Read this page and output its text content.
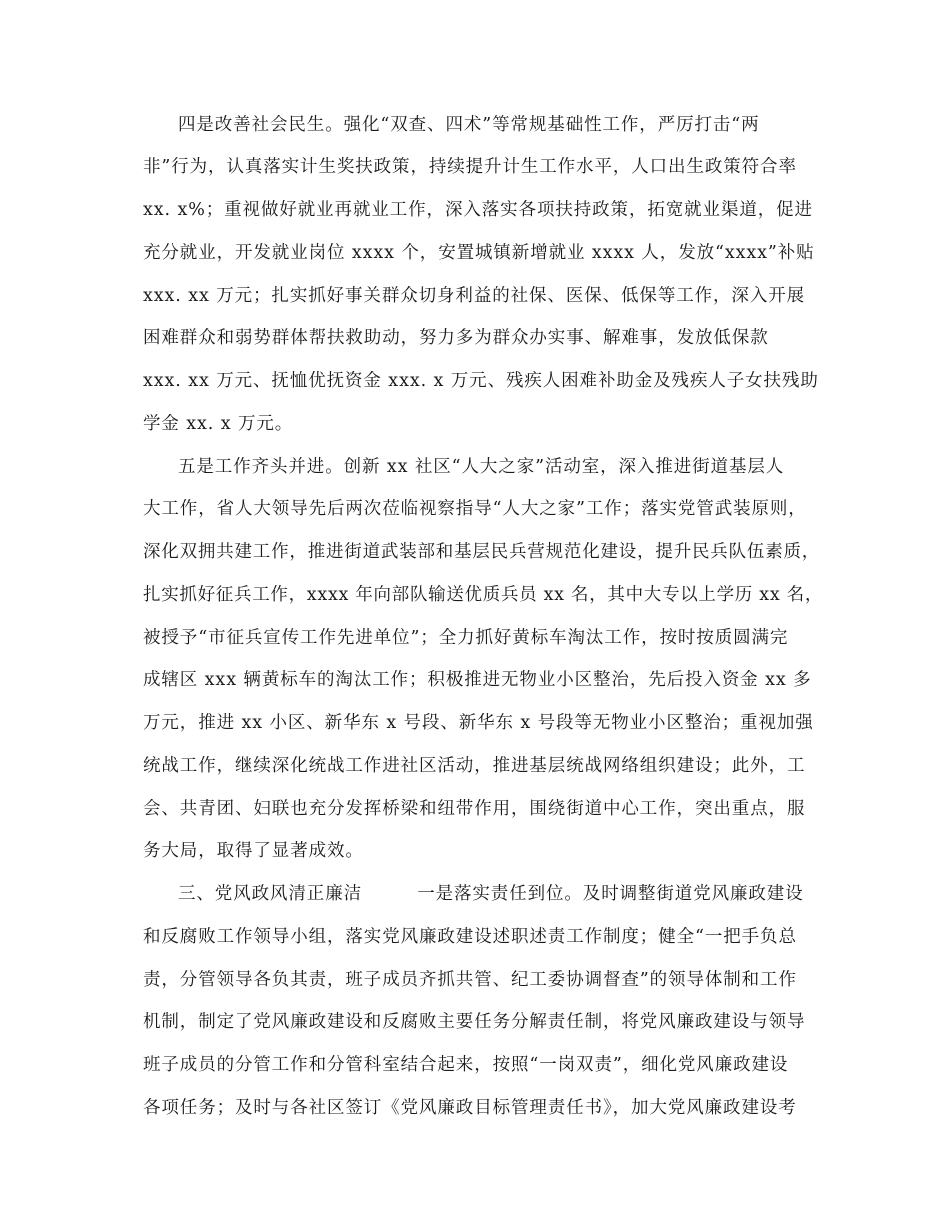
四是改善社会民生。强化“双查、四术”等常规基础性工作，严厉打击“两
非”行为，认真落实计生奖扶政策，持续提升计生工作水平，人口出生政策符合率
xx. x%；重视做好就业再就业工作，深入落实各项扶持政策，拓宽就业渠道，促进
充分就业，开发就业岗位 xxxx 个，安置城镇新增就业 xxxx 人，发放“xxxx”补贴
xxx. xx 万元；扎实抓好事关群众切身利益的社保、医保、低保等工作，深入开展
困难群众和弱势群体帮扶救助动，努力多为群众办实事、解难事，发放低保款
xxx. xx 万元、抚恤优抚资金 xxx. x 万元、残疾人困难补助金及残疾人子女扶残助
学金 xx. x 万元。
五是工作齐头并进。创新 xx 社区“人大之家”活动室，深入推进街道基层人
大工作，省人大领导先后两次莅临视察指导“人大之家”工作；落实党管武装原则，
深化双拥共建工作，推进街道武装部和基层民兵营规范化建设，提升民兵队伍素质，
扎实抓好征兵工作，xxxx 年向部队输送优质兵员 xx 名，其中大专以上学历 xx 名，
被授予“市征兵宣传工作先进单位”；全力抓好黄标车淘汰工作，按时按质圆满完
成辖区 xxx 辆黄标车的淘汰工作；积极推进无物业小区整治，先后投入资金 xx 多
万元，推进 xx 小区、新华东 x 号段、新华东 x 号段等无物业小区整治；重视加强
统战工作，继续深化统战工作进社区活动，推进基层统战网络组织建设；此外，工
会、共青团、妇联也充分发挥桥梁和纽带作用，围绕街道中心工作，突出重点，服
务大局，取得了显著成效。
三、党风政风清正廉洁　　　一是落实责任到位。及时调整街道党风廉政建设
和反腐败工作领导小组，落实党风廉政建设述职述责工作制度；健全“一把手负总
责，分管领导各负其责，班子成员齐抓共管、纪工委协调督查”的领导体制和工作
机制，制定了党风廉政建设和反腐败主要任务分解责任制，将党风廉政建设与领导
班子成员的分管工作和分管科室结合起来，按照“一岗双责”，细化党风廉政建设
各项任务；及时与各社区签订《党风廉政目标管理责任书》，加大党风廉政建设考
